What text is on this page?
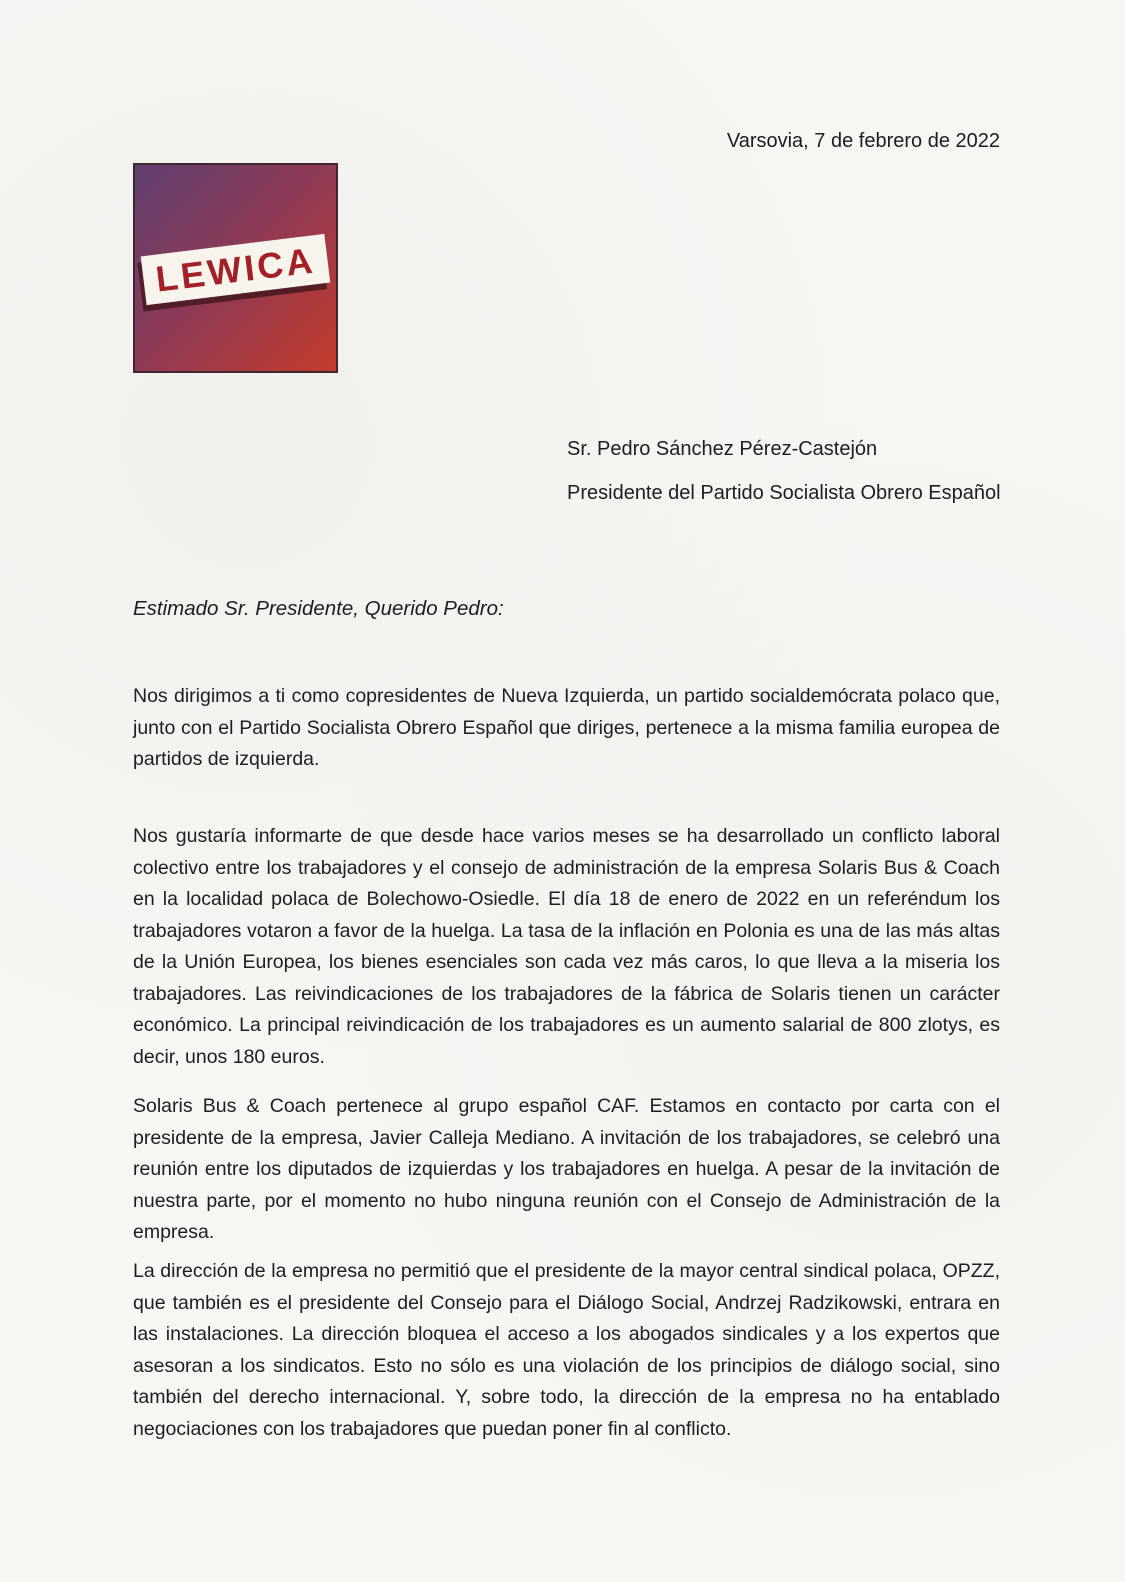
Varsovia, 7 de febrero de 2022
LEWICA
Sr. Pedro Sánchez Pérez-Castejón
Presidente del Partido Socialista Obrero Español
Estimado Sr. Presidente, Querido Pedro:

Nos dirigimos a ti como copresidentes de Nueva Izquierda, un partido socialdemócrata polaco que, junto con el Partido Socialista Obrero Español que diriges, pertenece a la misma familia europea de partidos de izquierda.

Nos gustaría informarte de que desde hace varios meses se ha desarrollado un conflicto laboral colectivo entre los trabajadores y el consejo de administración de la empresa Solaris Bus & Coach en la localidad polaca de Bolechowo-Osiedle. El día 18 de enero de 2022 en un referéndum los trabajadores votaron a favor de la huelga. La tasa de la inflación en Polonia es una de las más altas de la Unión Europea, los bienes esenciales son cada vez más caros, lo que lleva a la miseria los trabajadores. Las reivindicaciones de los trabajadores de la fábrica de Solaris tienen un carácter económico. La principal reivindicación de los trabajadores es un aumento salarial de 800 zlotys, es decir, unos 180 euros.

Solaris Bus & Coach pertenece al grupo español CAF. Estamos en contacto por carta con el presidente de la empresa, Javier Calleja Mediano. A invitación de los trabajadores, se celebró una reunión entre los diputados de izquierdas y los trabajadores en huelga. A pesar de la invitación de nuestra parte, por el momento no hubo ninguna reunión con el Consejo de Administración de la empresa.

La dirección de la empresa no permitió que el presidente de la mayor central sindical polaca, OPZZ, que también es el presidente del Consejo para el Diálogo Social, Andrzej Radzikowski, entrara en las instalaciones. La dirección bloquea el acceso a los abogados sindicales y a los expertos que asesoran a los sindicatos. Esto no sólo es una violación de los principios de diálogo social, sino también del derecho internacional. Y, sobre todo, la dirección de la empresa no ha entablado negociaciones con los trabajadores que puedan poner fin al conflicto.
